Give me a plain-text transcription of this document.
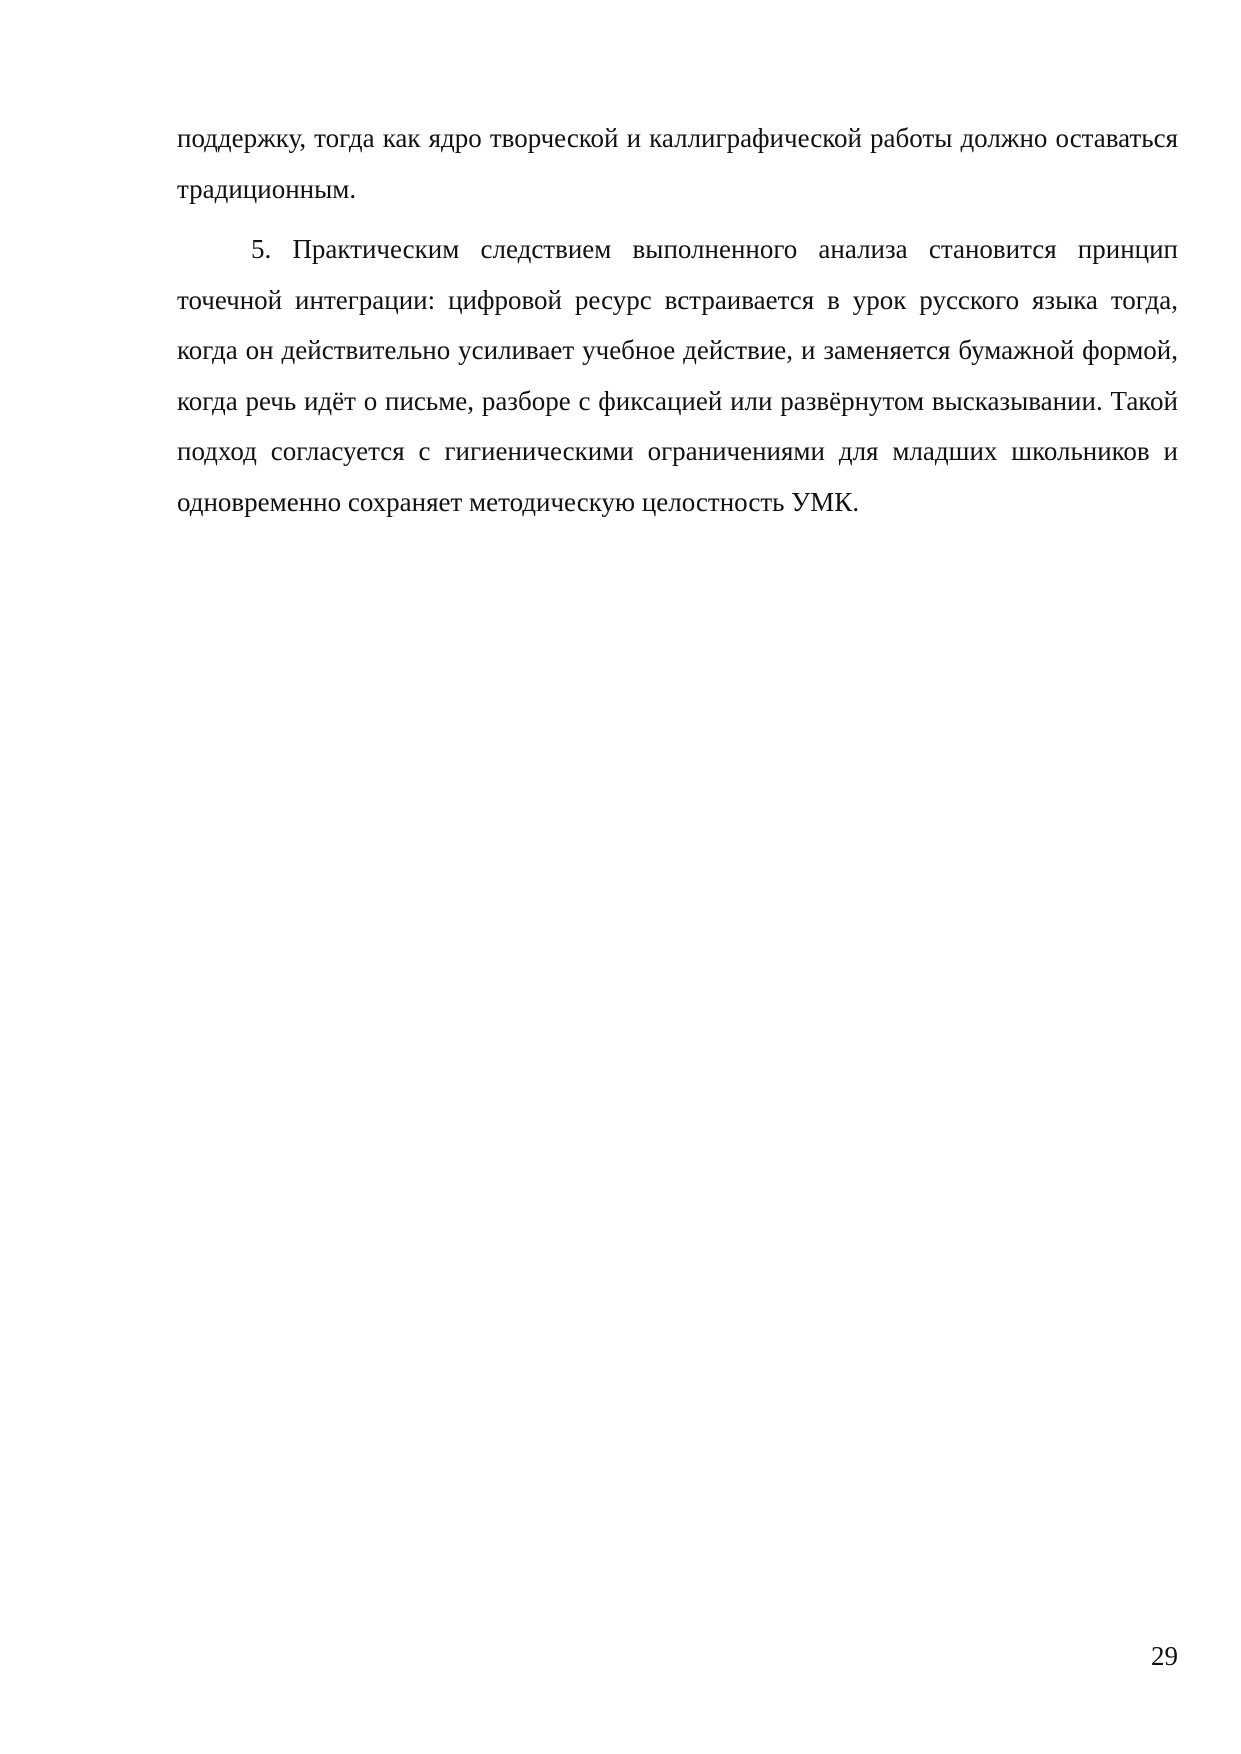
поддержку, тогда как ядро творческой и каллиграфической работы должно оставаться традиционным.

5. Практическим следствием выполненного анализа становится принцип точечной интеграции: цифровой ресурс встраивается в урок русского языка тогда, когда он действительно усиливает учебное действие, и заменяется бумажной формой, когда речь идёт о письме, разборе с фиксацией или развёрнутом высказывании. Такой подход согласуется с гигиеническими ограничениями для младших школьников и одновременно сохраняет методическую целостность УМК.

29
